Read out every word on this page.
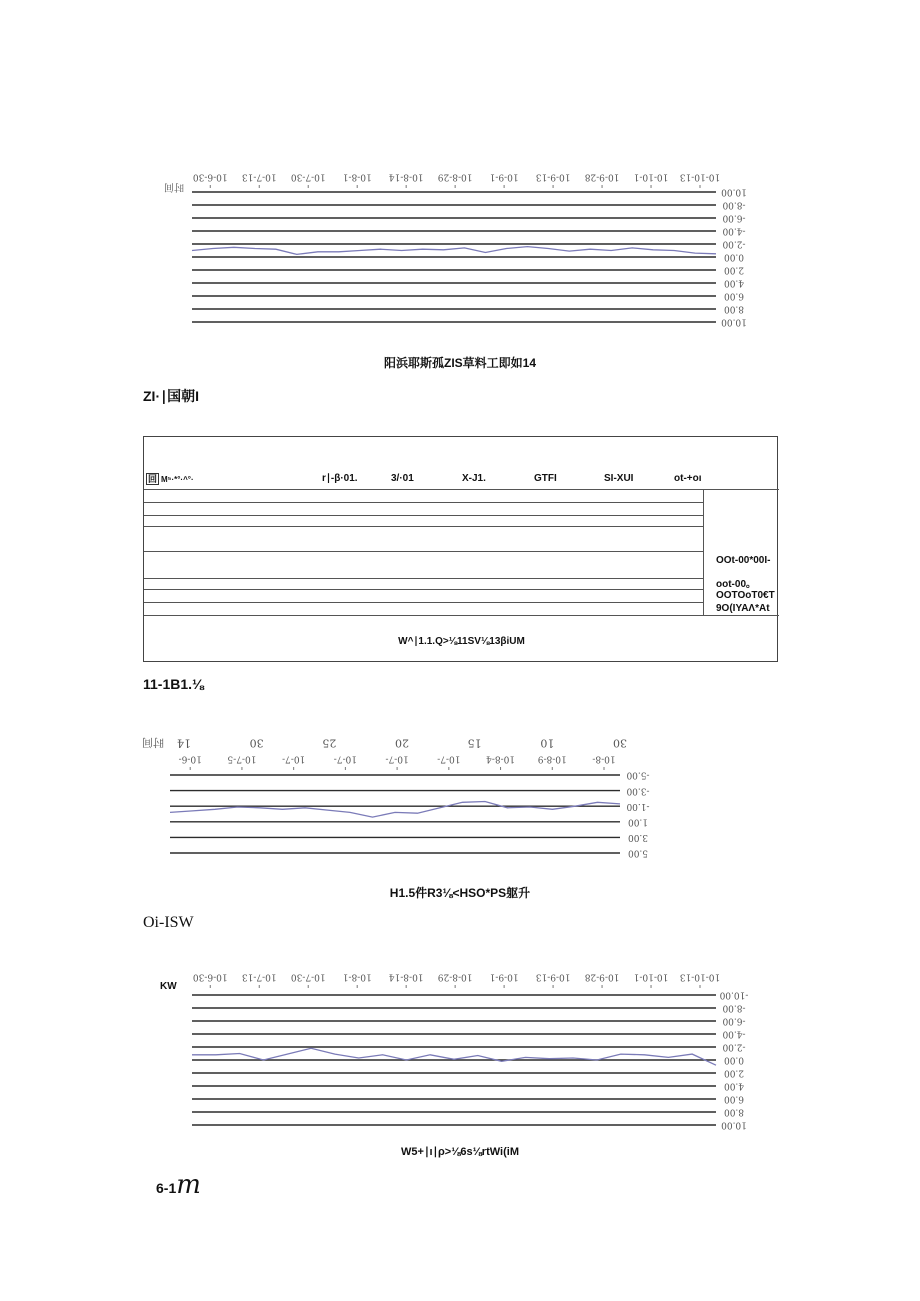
10-10-13
10-10-1
10-9-28
10-9-13
10-9-1
10-8-29
10-8-14
10-8-1
10-7-30
10-7-13
10-6-30
10.00
-8.00
-6.00
-4.00
-2.00
0.00
2.00
4.00
6.00
8.00
10.00
时间
阳浜耶斯孤ZIS草料工即如14
ZI·∣国朝I
回 M⁵·*°·^°·	r∣-β·01.	3/·01	X-J1.	GTFI	SI-XUI	ot-+oı
OOt-00*00I-
oot-00。
OOTOoT0€T
9O(IYAΛ*At
W^∣1.1.Q>⅛11SV⅛13βiUM
11-1B1.⅛
10-8-
10-8-9
10-8-4
10-7-
10-7-
10-7-
10-7-
10-7-5
10-6-
14	30	25	20	15	10	30
-5.00
-3.00
-1.00
1.00
3.00
5.00
时间
H1.5件R3⅛<HSO*PS躯升
Oi-ISW
10-10-13
10-10-1
10-9-28
10-9-13
10-9-1
10-8-29
10-8-14
10-8-1
10-7-30
10-7-13
10-6-30
-10.00
-8.00
-6.00
-4.00
-2.00
0.00
2.00
4.00
6.00
8.00
10.00
KW
W5+∣ı∣ρ>⅛6s⅛rtWi(iM
6-1m
